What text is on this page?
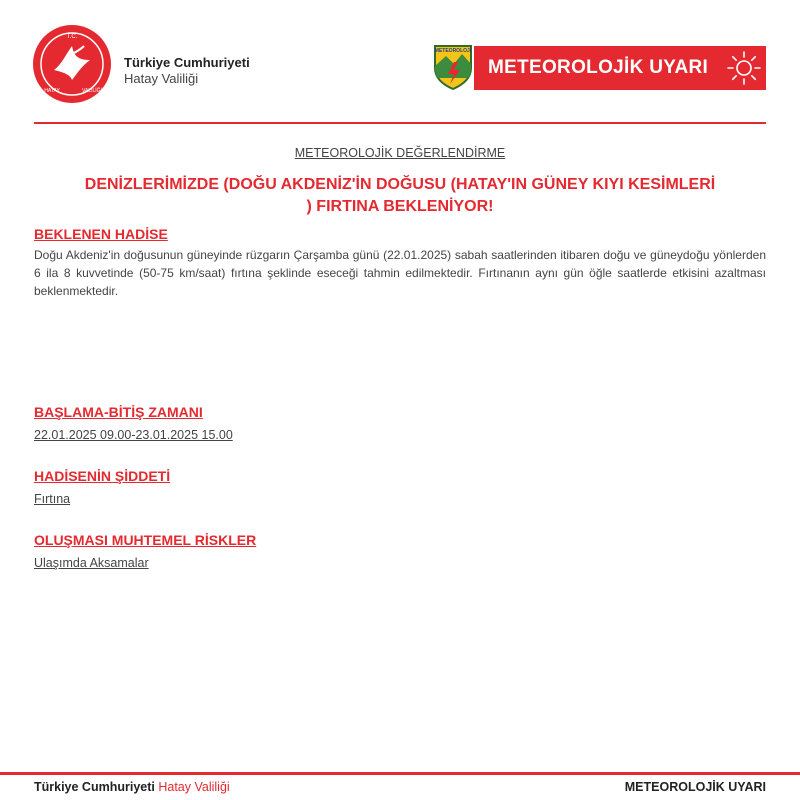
T.C.
HATAY	VALİLİĞİ
Türkiye Cumhuriyeti
Hatay Valiliği
METEOROLOJİ
METEOROLOJİK UYARI
METEOROLOJİK DEĞERLENDİRME
DENİZLERİMİZDE (DOĞU AKDENİZ'İN DOĞUSU (HATAY'IN GÜNEY KIYI KESİMLERİ ) FIRTINA BEKLENİYOR!
BEKLENEN HADİSE

Doğu Akdeniz'in doğusunun güneyinde rüzgarın Çarşamba günü (22.01.2025) sabah saatlerinden itibaren doğu ve güneydoğu yönlerden 6 ila 8 kuvvetinde (50-75 km/saat) fırtına şeklinde eseceği tahmin edilmektedir. Fırtınanın aynı gün öğle saatlerde etkisini azaltması beklenmektedir.

BAŞLAMA-BİTİŞ ZAMANI
22.01.2025 09.00-23.01.2025 15.00
HADİSENİN ŞİDDETİ
Fırtına
OLUŞMASI MUHTEMEL RİSKLER
Ulaşımda Aksamalar
Türkiye Cumhuriyeti Hatay Valiliği	METEOROLOJİK UYARI
